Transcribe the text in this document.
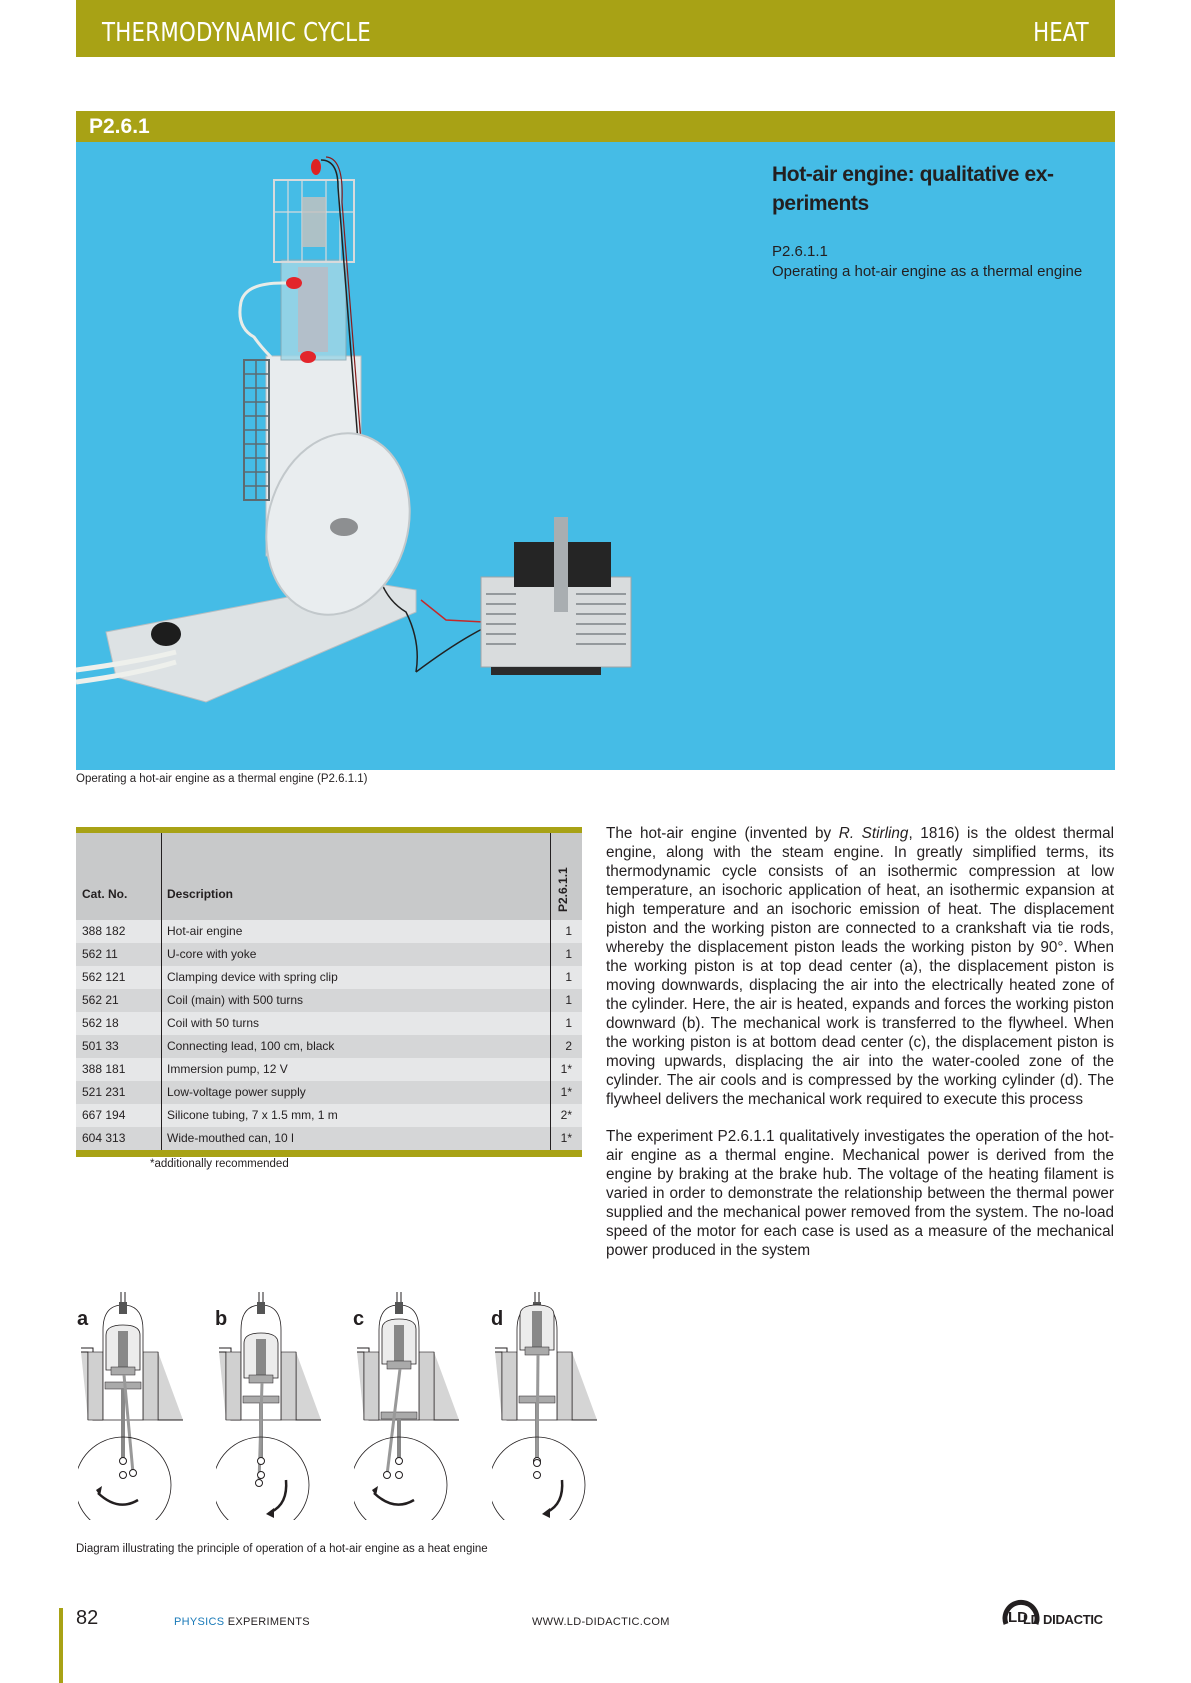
THERMODYNAMIC CYCLE	HEAT
P2.6.1
Hot-air engine: qualitative ex-
periments
P2.6.1.1
Operating a hot-air engine as a thermal engine
Operating a hot-air engine as a thermal engine (P2.6.1.1)
Cat. No.	Description	P2.6.1.1
388 182	Hot-air engine	1
562 11	U-core with yoke	1
562 121	Clamping device with spring clip	1
562 21	Coil (main) with 500 turns	1
562 18	Coil with 50 turns	1
501 33	Connecting lead, 100 cm, black	2
388 181	Immersion pump, 12 V	1*
521 231	Low-voltage power supply	1*
667 194	Silicone tubing, 7 x 1.5 mm, 1 m	2*
604 313	Wide-mouthed can, 10 l	1*
*additionally recommended
The hot-air engine (invented by R. Stirling, 1816) is the oldest thermal engine, along with the steam engine. In greatly simplified terms, its thermodynamic cycle consists of an isothermic compression at low temperature, an isochoric application of heat, an isothermic expansion at high temperature and an isochoric emission of heat. The displacement piston and the working piston are connected to a crankshaft via tie rods, whereby the displacement piston leads the working piston by 90°. When the working piston is at top dead center (a), the displacement piston is moving downwards, displacing the air into the electrically heated zone of the cylinder. Here, the air is heated, expands and forces the working piston downward (b). The mechanical work is transferred to the flywheel. When the working piston is at bottom dead center (c), the displacement piston is moving upwards, displacing the air into the water-cooled zone of the cylinder. The air cools and is compressed by the working cylinder (d). The flywheel delivers the mechanical work required to execute this process
The experiment P2.6.1.1 qualitatively investigates the operation of the hot-air engine as a thermal engine. Mechanical power is derived from the engine by braking at the brake hub. The voltage of the heating filament is varied in order to demonstrate the relationship between the thermal power supplied and the mechanical power removed from the system. The no-load speed of the motor for each case is used as a measure of the mechanical power produced in the system
a	b	c	d
Diagram illustrating the principle of operation of a hot-air engine as a heat engine
82	PHYSICS EXPERIMENTS	WWW.LD-DIDACTIC.COM	LD
LD DIDACTIC
